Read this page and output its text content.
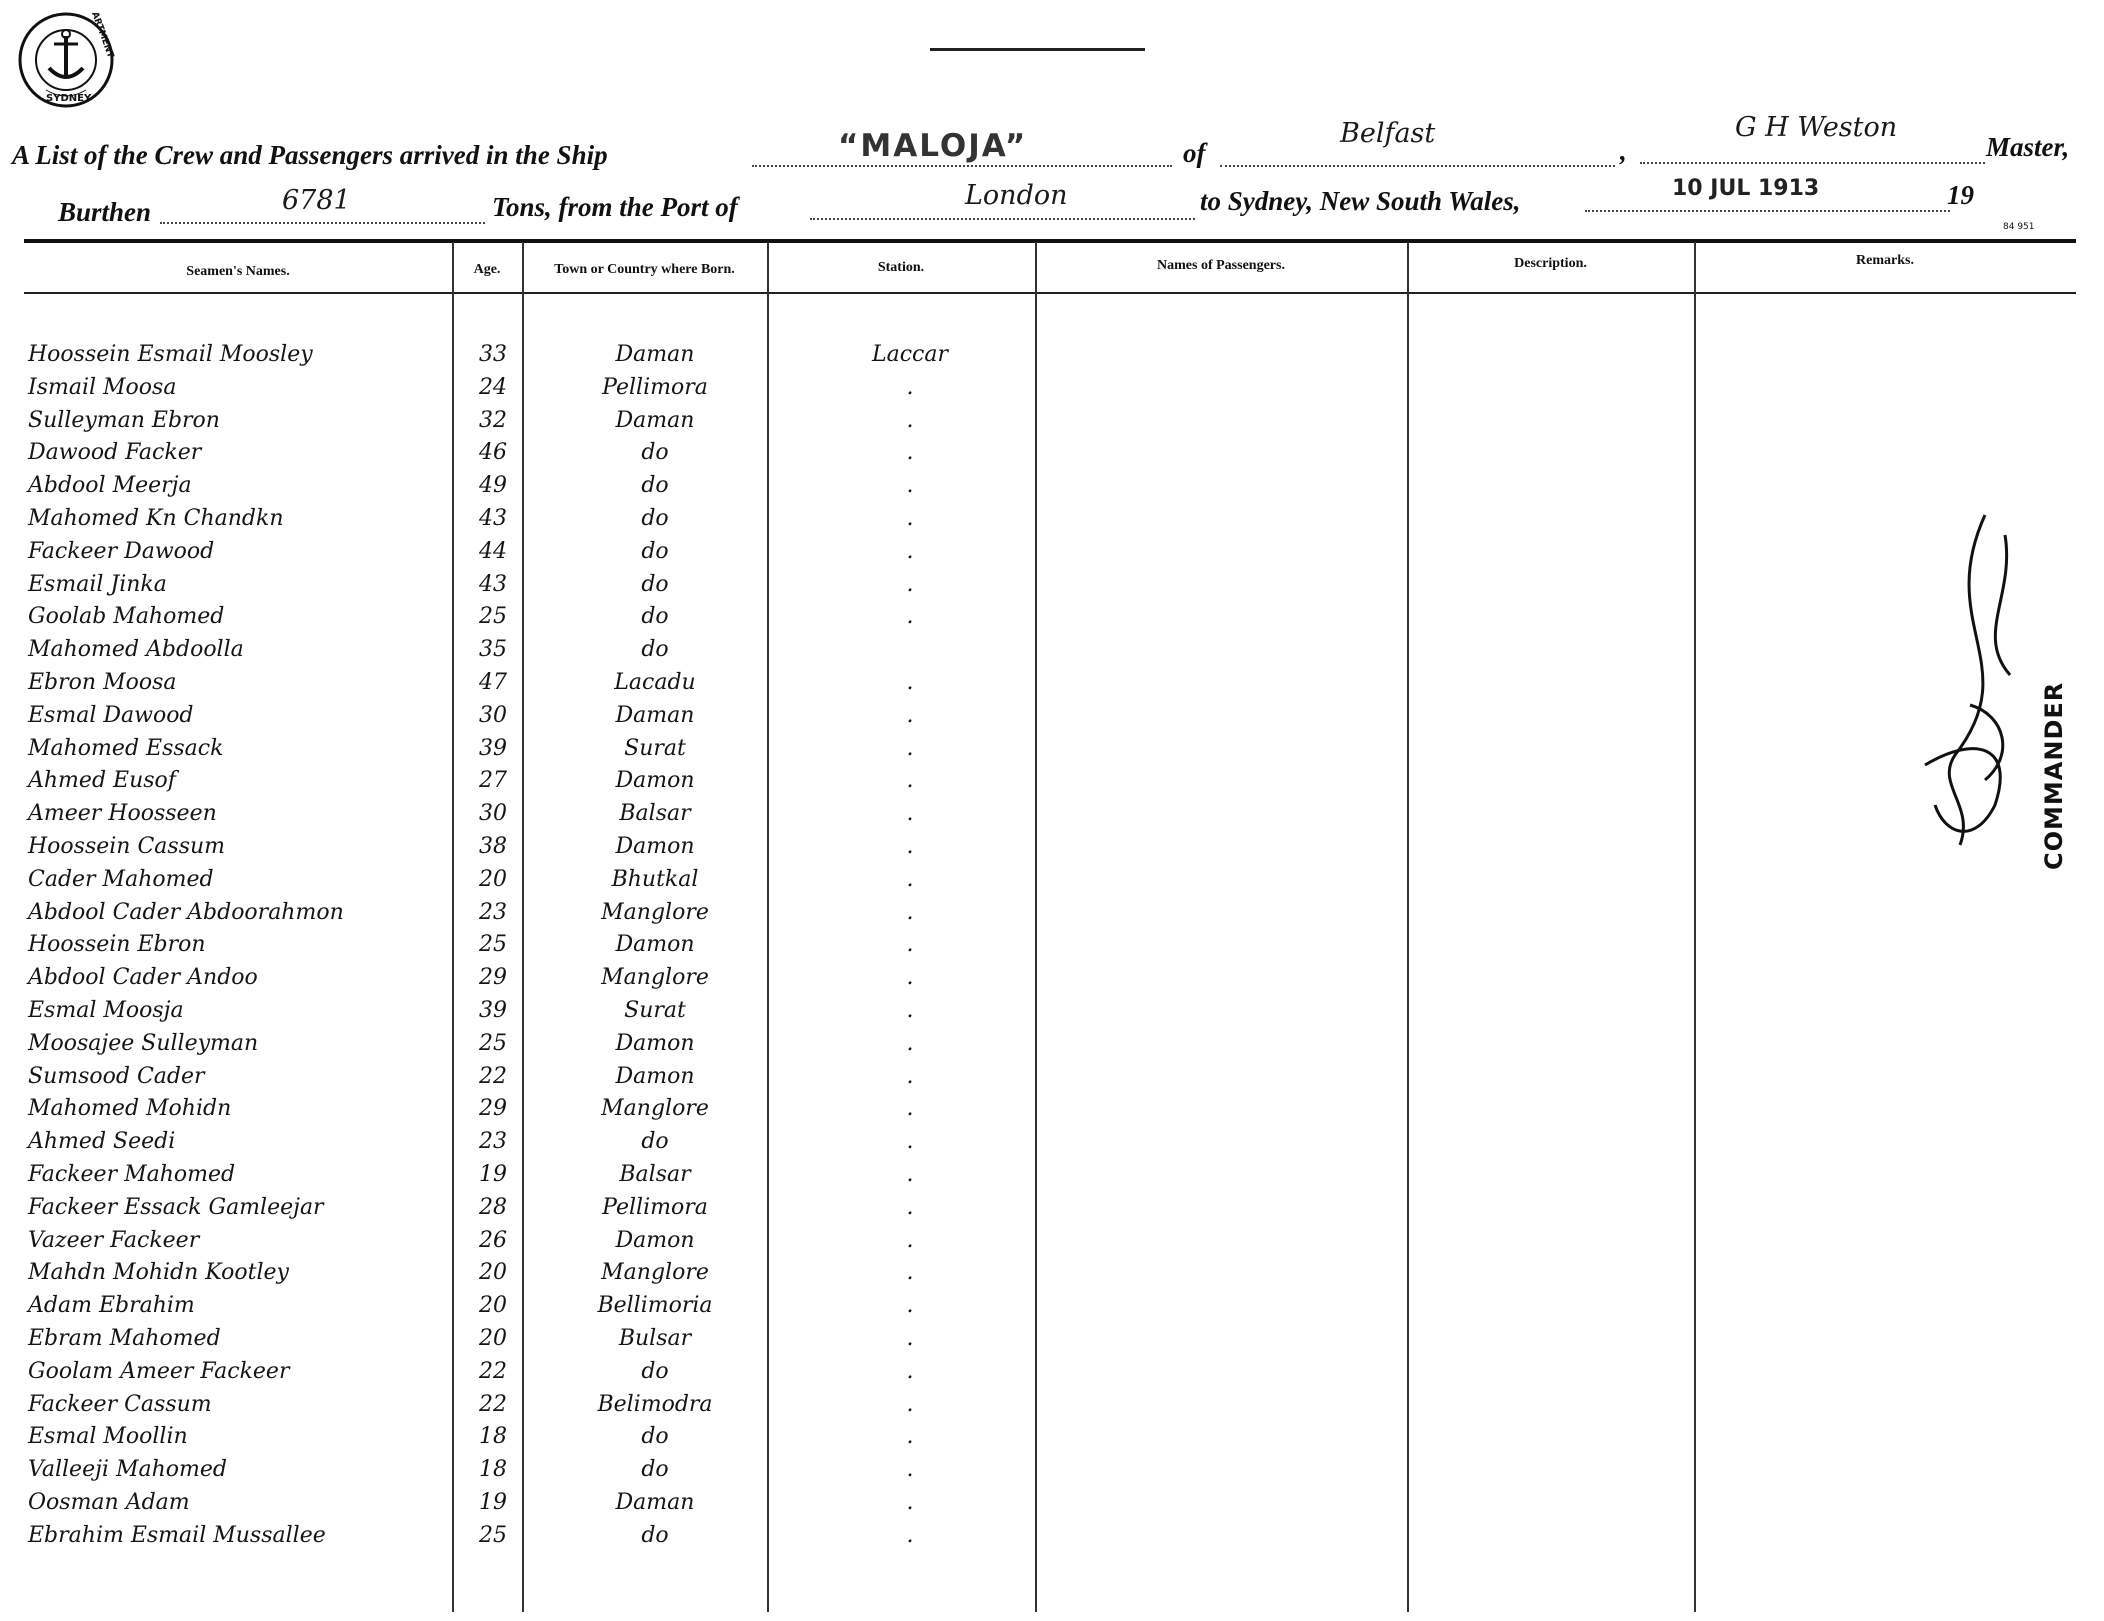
ARTMENT
SYDNEY
A List of the Crew and Passengers arrived in the Ship	“MALOJA”	of
Belfast
,
G H Weston
Master,
Burthen	6781	Tons, from the Port of	London	to Sydney, New South Wales,	10 JUL 1913	19
84 951
Seamen's Names.	Age.	Town or Country where Born.	Station.	Names of Passengers.	Description.	Remarks.
Hoossein Esmail Moosley	33	Daman	Laccar
Ismail Moosa	24	Pellimora	.
Sulleyman Ebron	32	Daman	.
Dawood Facker	46	do	.
Abdool Meerja	49	do	.
Mahomed Kn Chandkn	43	do	.
Fackeer Dawood	44	do	.
Esmail Jinka	43	do	.
Goolab Mahomed	25	do	.
Mahomed Abdoolla	35	do
Ebron Moosa	47	Lacadu	.
Esmal Dawood	30	Daman	.
Mahomed Essack	39	Surat	.
Ahmed Eusof	27	Damon	.
Ameer Hoosseen	30	Balsar	.
Hoossein Cassum	38	Damon	.
Cader Mahomed	20	Bhutkal	.
Abdool Cader Abdoorahmon	23	Manglore	.
Hoossein Ebron	25	Damon	.
Abdool Cader Andoo	29	Manglore	.
Esmal Moosja	39	Surat	.
Moosajee Sulleyman	25	Damon	.
Sumsood Cader	22	Damon	.
Mahomed Mohidn	29	Manglore	.
Ahmed Seedi	23	do	.
Fackeer Mahomed	19	Balsar	.
Fackeer Essack Gamleejar	28	Pellimora	.
Vazeer Fackeer	26	Damon	.
Mahdn Mohidn Kootley	20	Manglore	.
Adam Ebrahim	20	Bellimoria	.
Ebram Mahomed	20	Bulsar	.
Goolam Ameer Fackeer	22	do	.
Fackeer Cassum	22	Belimodra	.
Esmal Moollin	18	do	.
Valleeji Mahomed	18	do	.
Oosman Adam	19	Daman	.
Ebrahim Esmail Mussallee	25	do	.
COMMANDER
